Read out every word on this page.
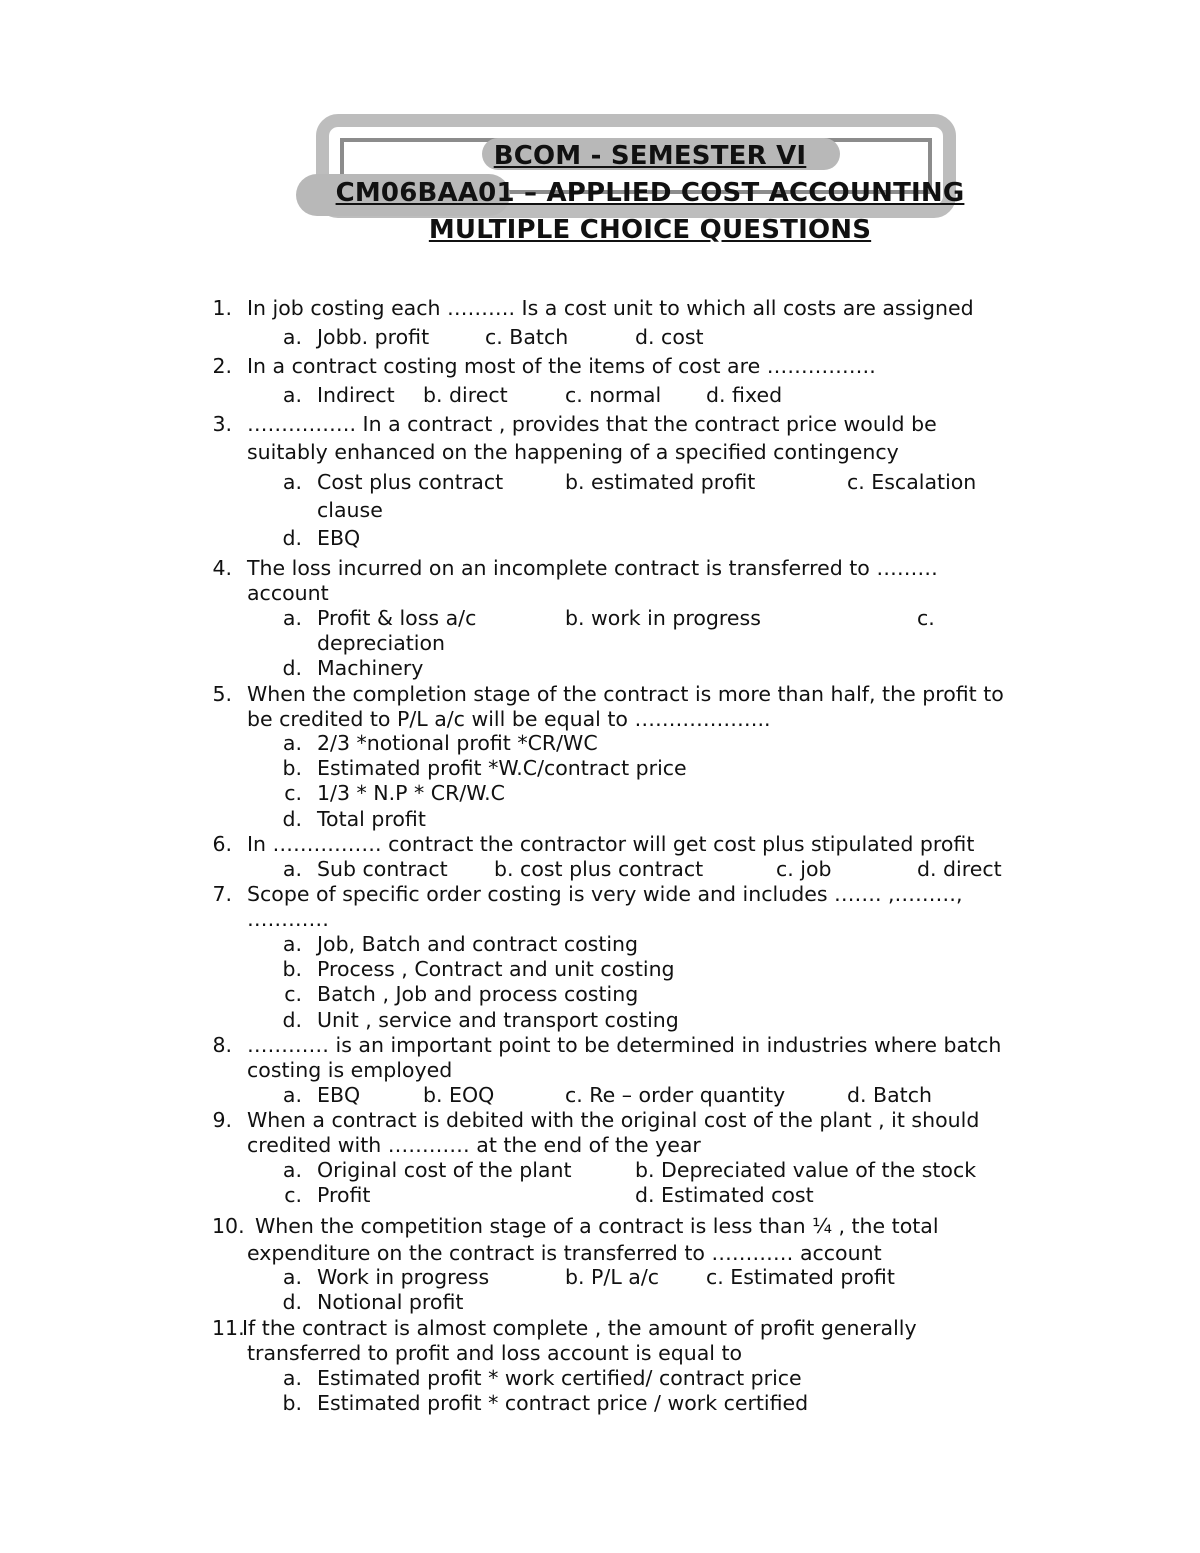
BCOM - SEMESTER VI
CM06BAA01 – APPLIED COST ACCOUNTING
MULTIPLE CHOICE QUESTIONS
1. In job costing each ………. Is a cost unit to which all costs are assigned
a. Jobb. profit	c. Batch	d. cost
2. In a contract costing most of the items of cost are …………….
a. Indirect b. direct	c. normal d. fixed
3. ……………. In a contract , provides that the contract price would be
suitably enhanced on the happening of a specified contingency
a. Cost plus contract	b. estimated profit	c. Escalation
clause
d. EBQ
4. The loss incurred on an incomplete contract is transferred to ………
account
a. Profit & loss a/c	b. work in progress	c.
depreciation
d. Machinery
5. When the completion stage of the contract is more than half, the profit to
be credited to P/L a/c will be equal to ………………..
a. 2/3 *notional profit *CR/WC
b. Estimated profit *W.C/contract price
c. 1/3 * N.P * CR/W.C
d. Total profit
6. In ……………. contract the contractor will get cost plus stipulated profit
a. Sub contract b. cost plus contract	c. job	d. direct
7. Scope of specific order costing is very wide and includes ……. ,………,
…………
a. Job, Batch and contract costing
b. Process , Contract and unit costing
c. Batch , Job and process costing
d. Unit , service and transport costing
8. ………… is an important point to be determined in industries where batch
costing is employed
a. EBQ	b. EOQ	c. Re – order quantity	d. Batch
9. When a contract is debited with the original cost of the plant , it should
credited with ………… at the end of the year
a. Original cost of the plant	b. Depreciated value of the stock
c. Profit	d. Estimated cost
10. When the competition stage of a contract is less than ¼ , the total
expenditure on the contract is transferred to ………… account
a. Work in progress	b. P/L a/c c. Estimated profit
d. Notional profit
11.
If the contract is almost complete , the amount of profit generally
transferred to profit and loss account is equal to
a. Estimated profit * work certified/ contract price
b. Estimated profit * contract price / work certified
